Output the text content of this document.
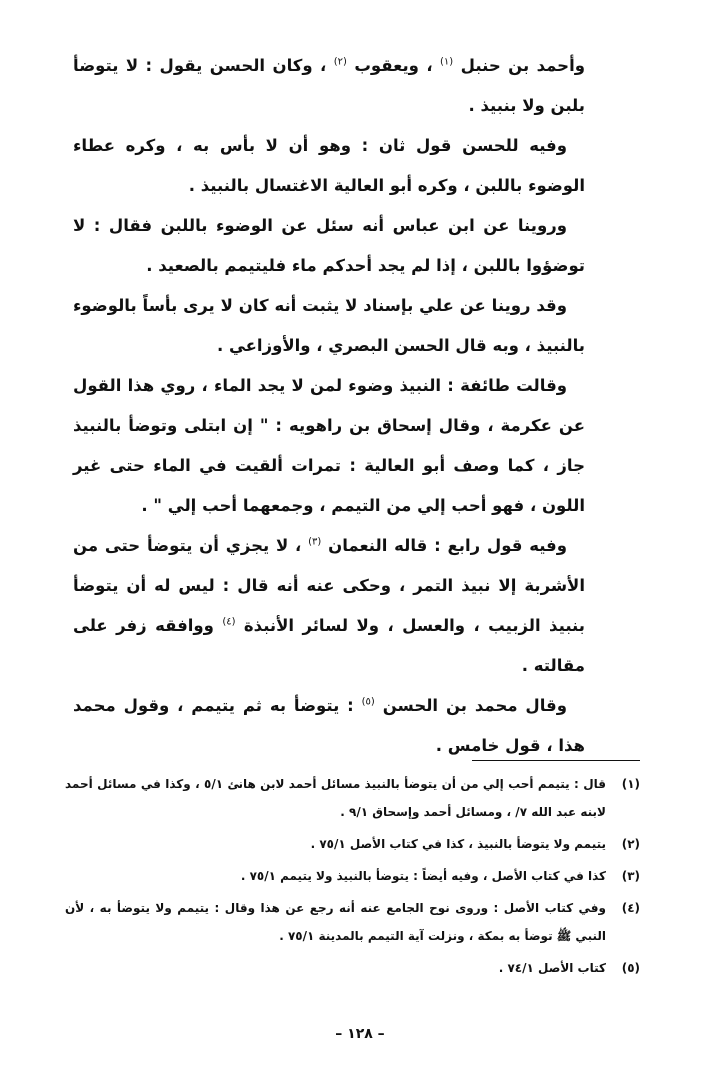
وأحمد بن حنبل $^{(١)}$ ، ويعقوب $^{(٢)}$ ، وكان الحسن يقول : لا يتوضأ بلبن ولا بنبيذ .

وفيه للحسن قول ثان : وهو أن لا بأس به ، وكره عطاء الوضوء باللبن ، وكره أبو العالية الاغتسال بالنبيذ .

وروينا عن ابن عباس أنه سئل عن الوضوء باللبن فقال : لا توضؤوا باللبن ، إذا لم يجد أحدكم ماء فليتيمم بالصعيد .

وقد روينا عن علي بإسناد لا يثبت أنه كان لا يرى بأساً بالوضوء بالنبيذ ، وبه قال الحسن البصري ، والأوزاعي .

وقالت طائفة : النبيذ وضوء لمن لا يجد الماء ، روي هذا القول عن عكرمة ، وقال إسحاق بن راهويه : " إن ابتلى وتوضأ بالنبيذ جاز ، كما وصف أبو العالية : تمرات ألقيت في الماء حتى غير اللون ، فهو أحب إلي من التيمم ، وجمعهما أحب إلي " .

وفيه قول رابع : قاله النعمان $^{(٣)}$ ، لا يجزي أن يتوضأ حتى من الأشربة إلا نبيذ التمر ، وحكى عنه أنه قال : ليس له أن يتوضأ بنبيذ الزبيب ، والعسل ، ولا لسائر الأنبذة $^{(٤)}$ ووافقه زفر على مقالته .

وقال محمد بن الحسن $^{(٥)}$ : يتوضأ به ثم يتيمم ، وقول محمد هذا ، قول خامس .

(١)
قال : يتيمم أحب إلي من أن يتوضأ بالنبيذ مسائل أحمد لابن هانئ ٥/١ ، وكذا في مسائل أحمد لابنه عبد الله ٧/ ، ومسائل أحمد وإسحاق ٩/١ .
(٢)
يتيمم ولا يتوضأ بالنبيذ ، كذا في كتاب الأصل ٧٥/١ .
(٣)
كذا في كتاب الأصل ، وفيه أيضاً : يتوضأ بالنبيذ ولا يتيمم ٧٥/١ .
(٤)
وفي كتاب الأصل : وروى نوح الجامع عنه أنه رجع عن هذا وقال : يتيمم ولا يتوضأ به ، لأن النبي ﷺ توضأ به بمكة ، ونزلت آية التيمم بالمدينة ٧٥/١ .
(٥)
كتاب الأصل ٧٤/١ .
– ١٢٨ –
